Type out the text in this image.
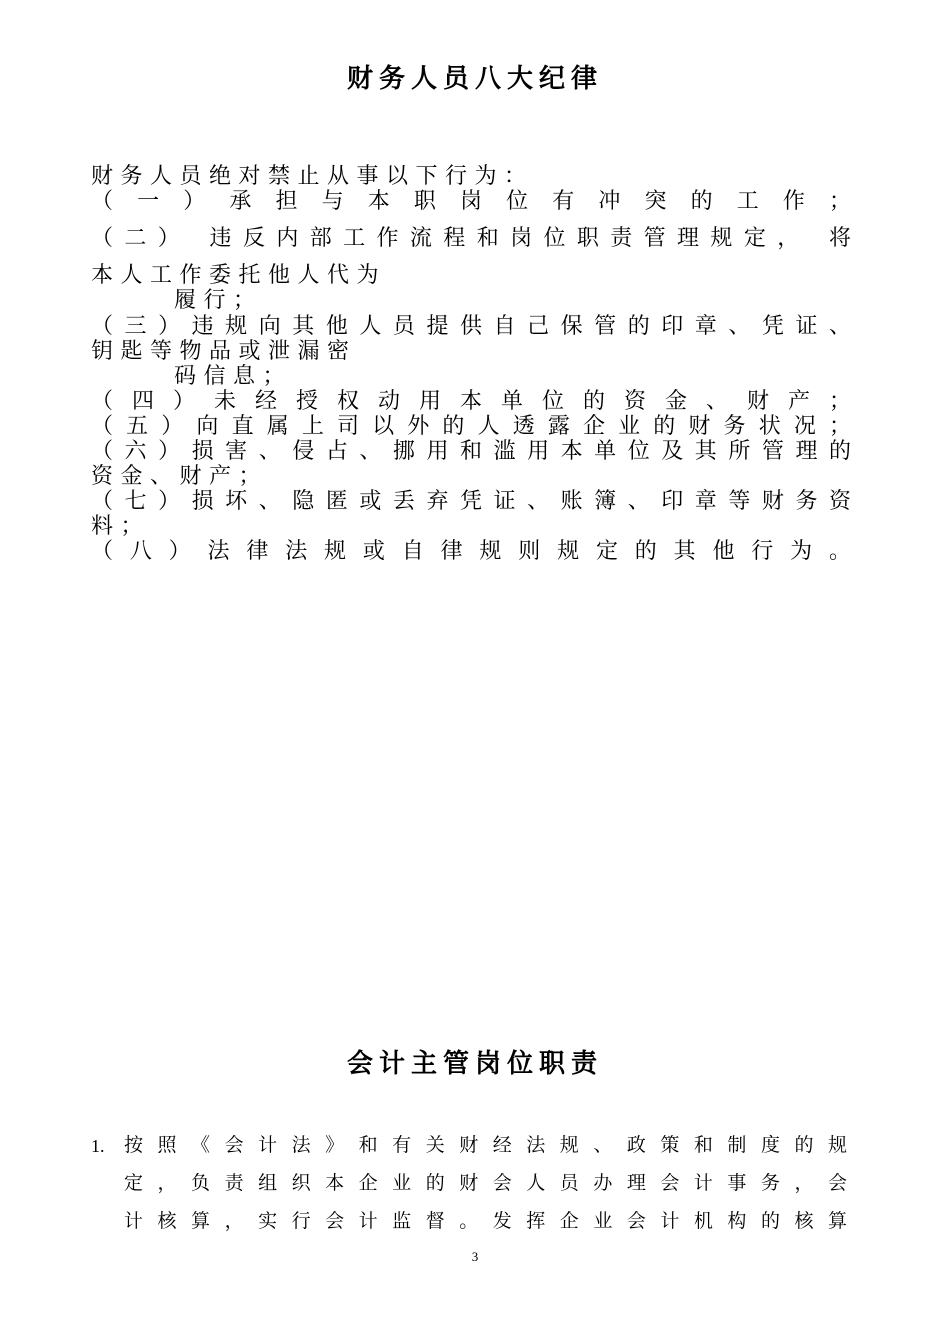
财务人员八大纪律
财务人员绝对禁止从事以下行为：
（一）承担与本职岗位有冲突的工作；
（二） 违反内部工作流程和岗位职责管理规定， 将
本人工作委托他人代为
履行；
（三）违规向其他人员提供自己保管的印章、凭证、
钥匙等物品或泄漏密
码信息；
（四）未经授权动用本单位的资金、财产；
（五）向直属上司以外的人透露企业的财务状况；
（六）损害、侵占、挪用和滥用本单位及其所管理的
资金、财产；
（七）损坏、隐匿或丢弃凭证、账簿、印章等财务资
料；
（八）法律法规或自律规则规定的其他行为。
会计主管岗位职责
1. 按照《会计法》和有关财经法规、政策和制度的规
定，负责组织本企业的财会人员办理会计事务，会
计核算，实行会计监督。发挥企业会计机构的核算
3
